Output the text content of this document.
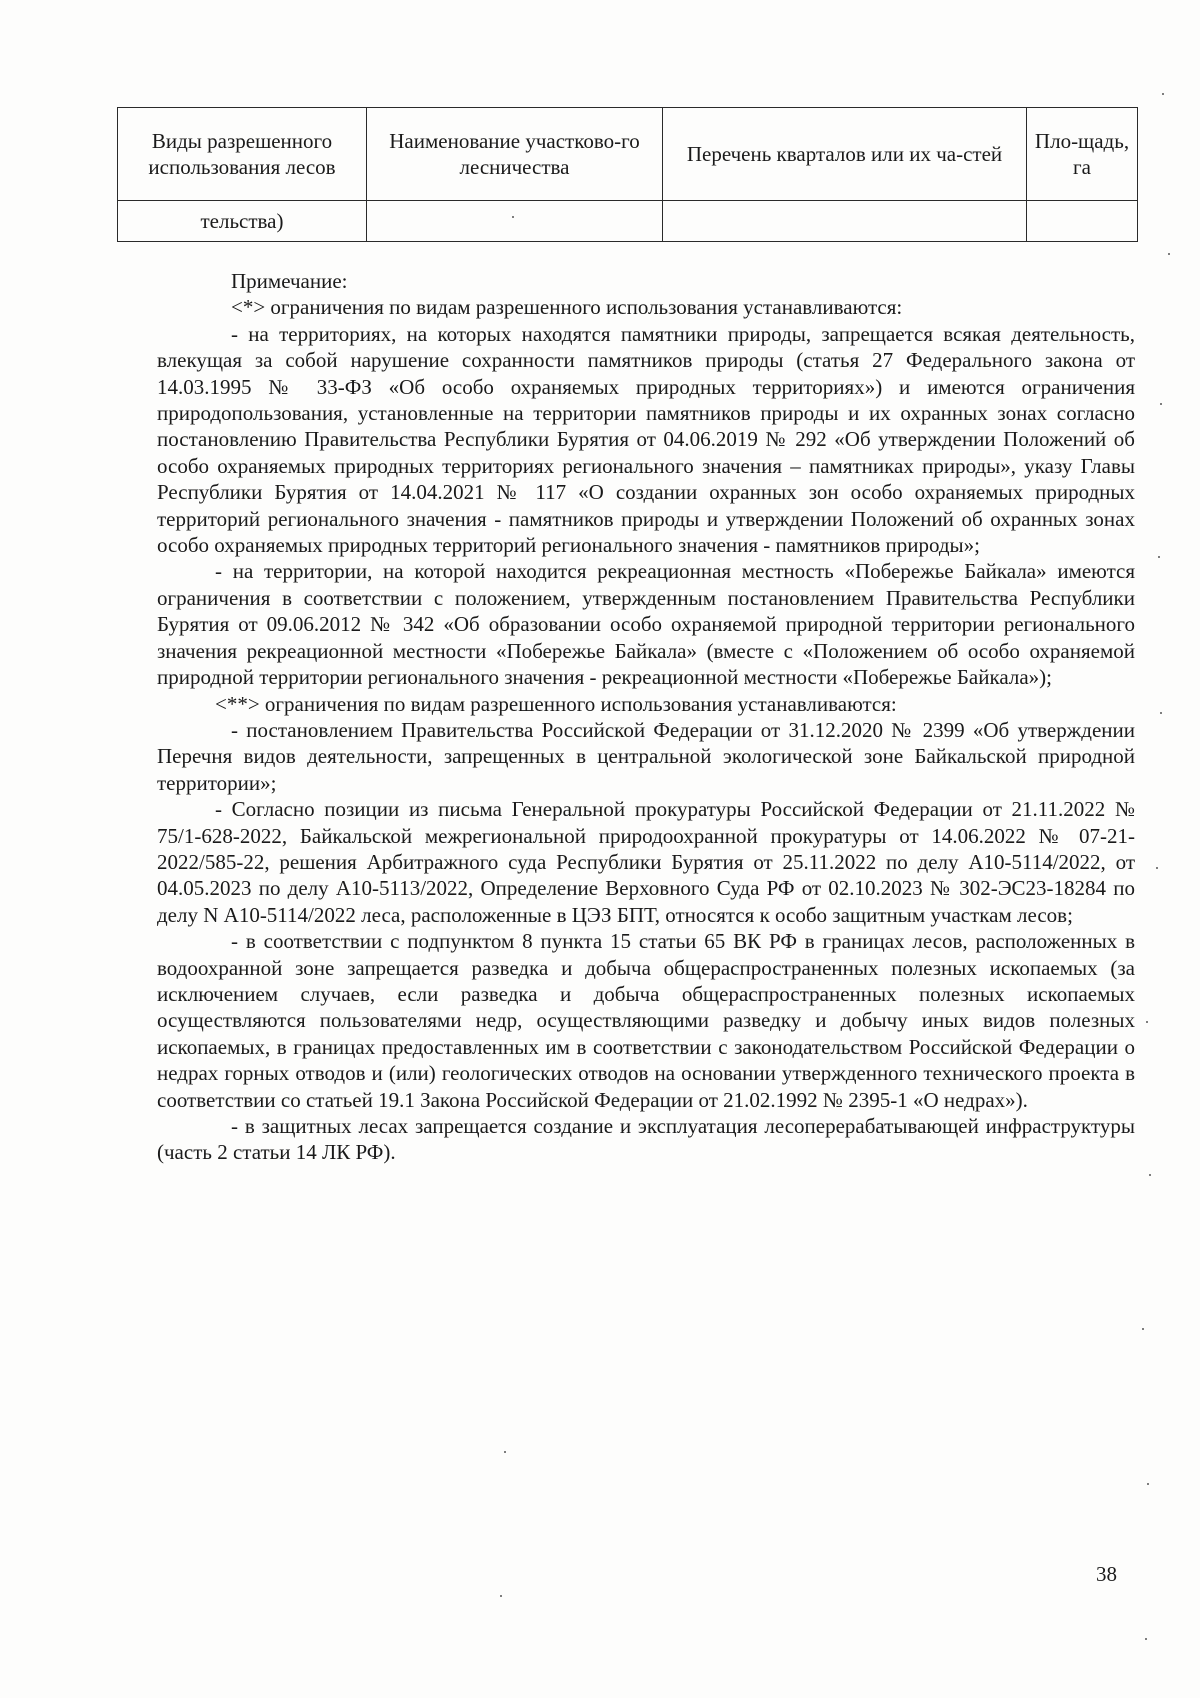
Виды разрешенного использования лесов	Наименование участково-го лесничества	Перечень кварталов или их ча-стей	Пло-щадь, га
тельства)			

Примечание:

<*> ограничения по видам разрешенного использования устанавливаются:

- на территориях, на которых находятся памятники природы, запрещается всякая деятельность, влекущая за собой нарушение сохранности памятников природы (статья 27 Федерального закона от 14.03.1995 № 33-ФЗ «Об особо охраняемых природных территориях») и имеются ограничения природопользования, установленные на территории памятников природы и их охранных зонах согласно постановлению Правительства Республики Бурятия от 04.06.2019 № 292 «Об утверждении Положений об особо охраняемых природных территориях регионального значения – памятниках природы», указу Главы Республики Бурятия от 14.04.2021 № 117 «О создании охранных зон особо охраняемых природных территорий регионального значения - памятников природы и утверждении Положений об охранных зонах особо охраняемых природных территорий регионального значения - памятников природы»;

- на территории, на которой находится рекреационная местность «Побережье Байкала» имеются ограничения в соответствии с положением, утвержденным постановлением Правительства Республики Бурятия от 09.06.2012 № 342 «Об образовании особо охраняемой природной территории регионального значения рекреационной местности «Побережье Байкала» (вместе с «Положением об особо охраняемой природной территории регионального значения - рекреационной местности «Побережье Байкала»);

<**> ограничения по видам разрешенного использования устанавливаются:

- постановлением Правительства Российской Федерации от 31.12.2020 № 2399 «Об утверждении Перечня видов деятельности, запрещенных в центральной экологической зоне Байкальской природной территории»;

- Согласно позиции из письма Генеральной прокуратуры Российской Федерации от 21.11.2022 № 75/1-628-2022, Байкальской межрегиональной природоохранной прокуратуры от 14.06.2022 № 07-21-2022/585-22, решения Арбитражного суда Республики Бурятия от 25.11.2022 по делу А10-5114/2022, от 04.05.2023 по делу А10-5113/2022, Определение Верховного Суда РФ от 02.10.2023 № 302-ЭС23-18284 по делу N А10-5114/2022 леса, расположенные в ЦЭЗ БПТ, относятся к особо защитным участкам лесов;

- в соответствии с подпунктом 8 пункта 15 статьи 65 ВК РФ в границах лесов, расположенных в водоохранной зоне запрещается разведка и добыча общераспространенных полезных ископаемых (за исключением случаев, если разведка и добыча общераспространенных полезных ископаемых осуществляются пользователями недр, осуществляющими разведку и добычу иных видов полезных ископаемых, в границах предоставленных им в соответствии с законодательством Российской Федерации о недрах горных отводов и (или) геологических отводов на основании утвержденного технического проекта в соответствии со статьей 19.1 Закона Российской Федерации от 21.02.1992 № 2395-1 «О недрах»).

- в защитных лесах запрещается создание и эксплуатация лесоперерабатывающей инфраструктуры (часть 2 статьи 14 ЛК РФ).

38
